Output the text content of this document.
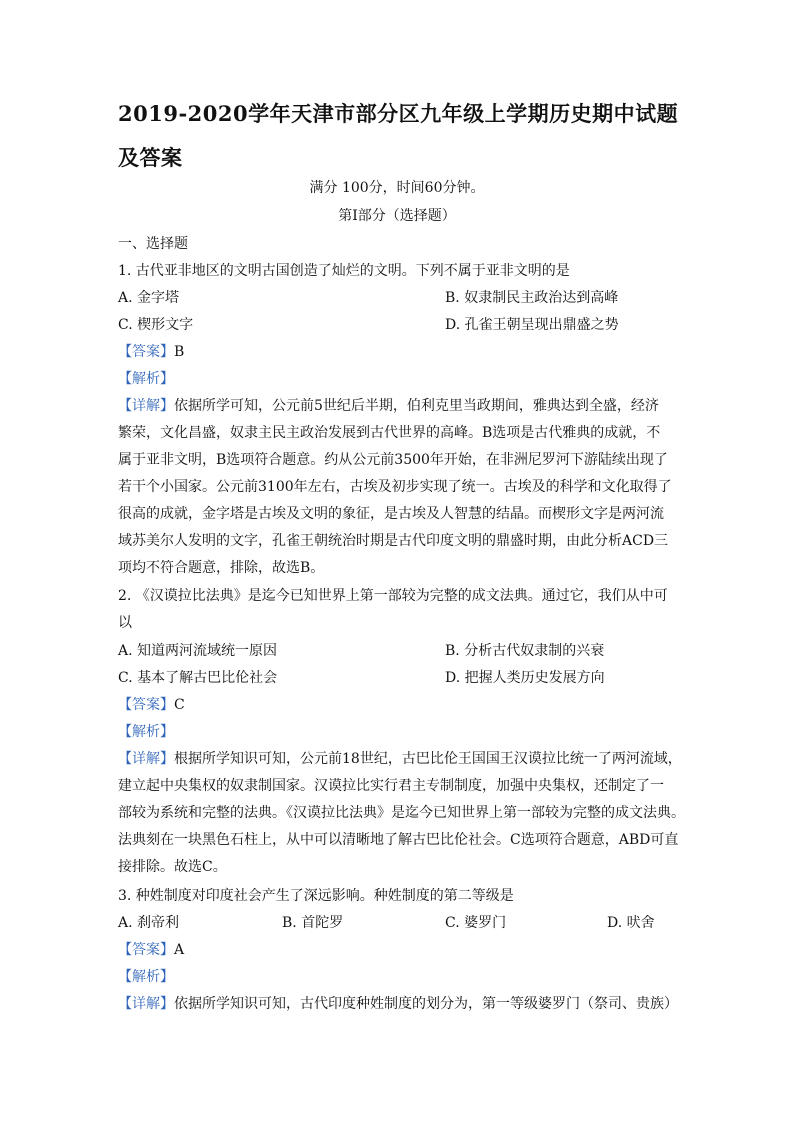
2019-2020学年天津市部分区九年级上学期历史期中试题及答案
满分 100分，时间60分钟。
第Ⅰ部分（选择题）
一、选择题
1. 古代亚非地区的文明古国创造了灿烂的文明。下列不属于亚非文明的是
A. 金字塔	B. 奴隶制民主政治达到高峰
C. 楔形文字	D. 孔雀王朝呈现出鼎盛之势
【答案】B
【解析】
【详解】依据所学可知，公元前5世纪后半期，伯利克里当政期间，雅典达到全盛，经济
繁荣，文化昌盛，奴隶主民主政治发展到古代世界的高峰。B选项是古代雅典的成就，不
属于亚非文明，B选项符合题意。约从公元前3500年开始，在非洲尼罗河下游陆续出现了
若干个小国家。公元前3100年左右，古埃及初步实现了统一。古埃及的科学和文化取得了
很高的成就，金字塔是古埃及文明的象征，是古埃及人智慧的结晶。而楔形文字是两河流
域苏美尔人发明的文字，孔雀王朝统治时期是古代印度文明的鼎盛时期，由此分析ACD三
项均不符合题意，排除，故选B。
2. 《汉谟拉比法典》是迄今已知世界上第一部较为完整的成文法典。通过它，我们从中可
以
A. 知道两河流域统一原因	B. 分析古代奴隶制的兴衰
C. 基本了解古巴比伦社会	D. 把握人类历史发展方向
【答案】C
【解析】
【详解】根据所学知识可知，公元前18世纪，古巴比伦王国国王汉谟拉比统一了两河流域，
建立起中央集权的奴隶制国家。汉谟拉比实行君主专制制度，加强中央集权，还制定了一
部较为系统和完整的法典。《汉谟拉比法典》是迄今已知世界上第一部较为完整的成文法典。
法典刻在一块黑色石柱上，从中可以清晰地了解古巴比伦社会。C选项符合题意，ABD可直
接排除。故选C。
3. 种姓制度对印度社会产生了深远影响。种姓制度的第二等级是
A. 刹帝利	B. 首陀罗	C. 婆罗门	D. 吠舍
【答案】A
【解析】
【详解】依据所学知识可知，古代印度种姓制度的划分为，第一等级婆罗门（祭司、贵族）
